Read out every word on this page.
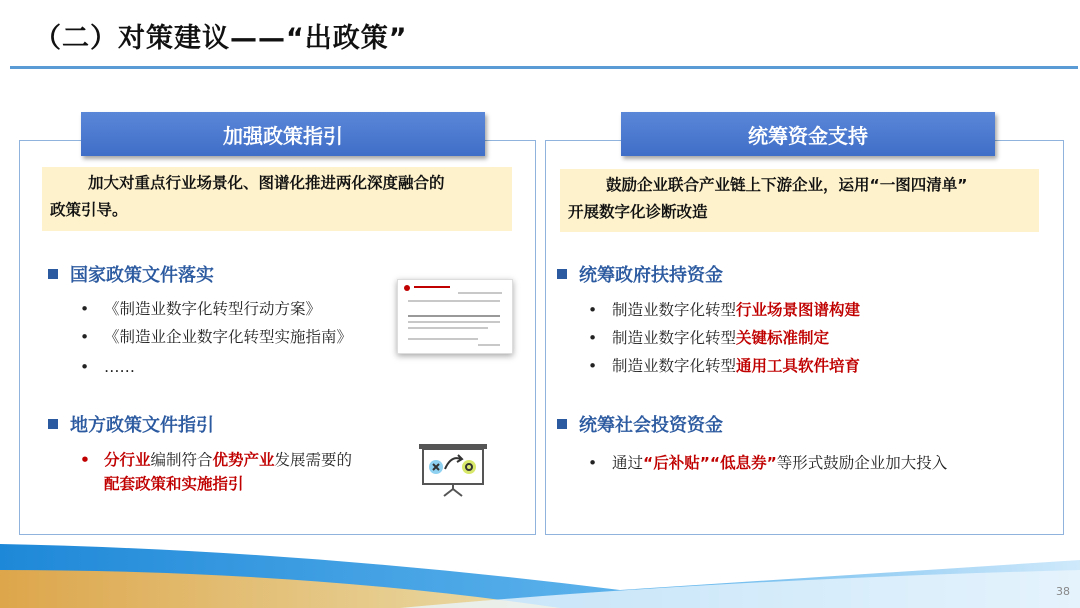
（二）对策建议——“出政策”
加强政策指引
加大对重点行业场景化、图谱化推进两化深度融合的
政策引导。
国家政策文件落实
• 《制造业数字化转型行动方案》
• 《制造业企业数字化转型实施指南》
• ……
地方政策文件指引
• 分行业编制符合优势产业发展需要的
配套政策和实施指引
统筹资金支持
鼓励企业联合产业链上下游企业，运用“一图四清单”
开展数字化诊断改造
统筹政府扶持资金
• 制造业数字化转型行业场景图谱构建
• 制造业数字化转型关键标准制定
• 制造业数字化转型通用工具软件培育
统筹社会投资资金
• 通过“后补贴”“低息券”等形式鼓励企业加大投入
38
